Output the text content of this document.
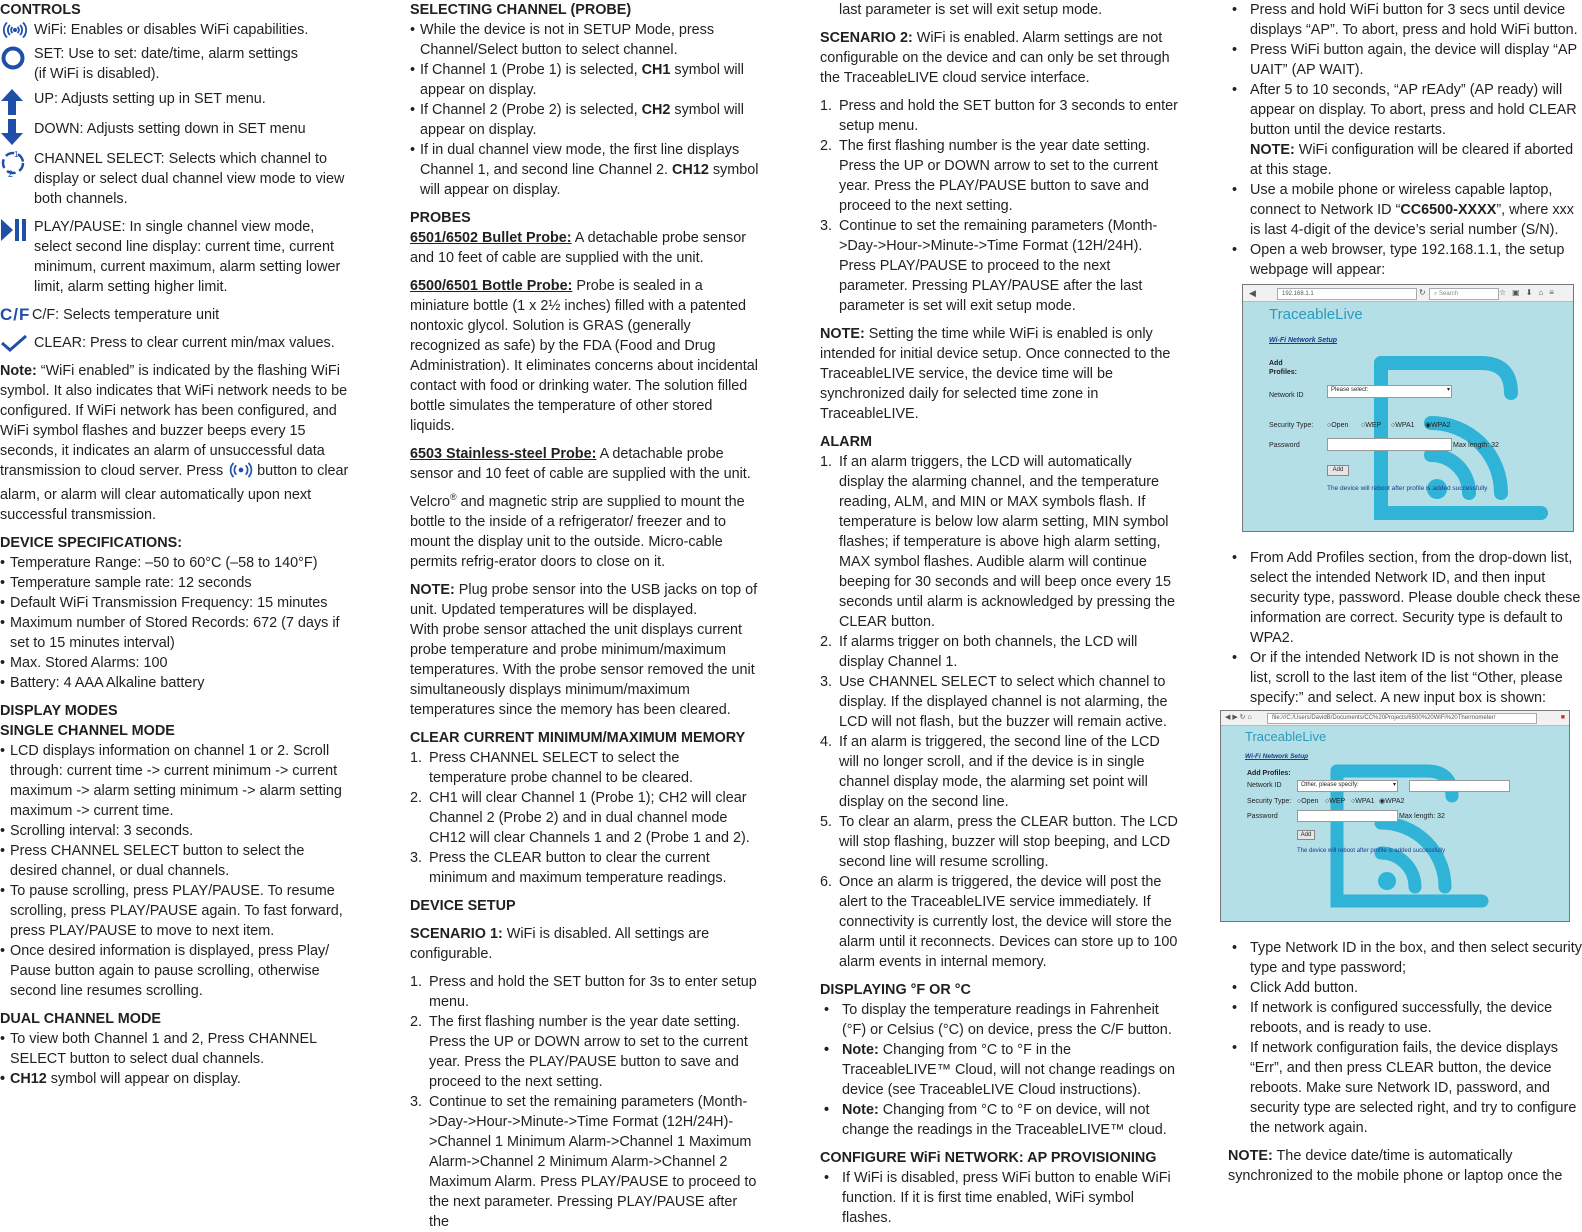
CONTROLS

WiFi: Enables or disables WiFi capabilities.
SET: Use to set: date/time, alarm settings
(if WiFi is disabled).
UP: Adjusts setting up in SET menu.
DOWN: Adjusts setting down in SET menu
2
1 CHANNEL SELECT: Selects which channel to display or select dual channel view mode to view both channels.
PLAY/PAUSE: In single channel view mode, select second line display: current time, current minimum, current maximum, alarm setting lower limit, alarm setting higher limit.
C/F C/F: Selects temperature unit
CLEAR: Press to clear current min/max values.

Note: “WiFi enabled” is indicated by the flashing WiFi symbol. It also indicates that WiFi network needs to be configured. If WiFi network has been configured, and WiFi symbol flashes and buzzer beeps every 15 seconds, it indicates an alarm of unsuccessful data transmission to cloud server. Press button to clear alarm, or alarm will clear automatically upon next successful transmission.

DEVICE SPECIFICATIONS:

• Temperature Range: –50 to 60°C (–58 to 140°F)
• Temperature sample rate: 12 seconds
• Default WiFi Transmission Frequency: 15 minutes
• Maximum number of Stored Records: 672 (7 days if set to 15 minutes interval)
• Max. Stored Alarms: 100
• Battery: 4 AAA Alkaline battery

DISPLAY MODES

SINGLE CHANNEL MODE

• LCD displays information on channel 1 or 2. Scroll through: current time -> current minimum -> current maximum -> alarm setting minimum -> alarm setting maximum -> current time.
• Scrolling interval: 3 seconds.
• Press CHANNEL SELECT button to select the desired channel, or dual channels.
• To pause scrolling, press PLAY/PAUSE. To resume scrolling, press PLAY/PAUSE again. To fast forward, press PLAY/PAUSE to move to next item.
• Once desired information is displayed, press Play/ Pause button again to pause scrolling, otherwise second line resumes scrolling.

DUAL CHANNEL MODE

• To view both Channel 1 and 2, Press CHANNEL SELECT button to select dual channels.
• CH12 symbol will appear on display.

SELECTING CHANNEL (PROBE)

• While the device is not in SETUP Mode, press Channel/Select button to select channel.
• If Channel 1 (Probe 1) is selected, CH1 symbol will appear on display.
• If Channel 2 (Probe 2) is selected, CH2 symbol will appear on display.
• If in dual channel view mode, the first line displays Channel 1, and second line Channel 2. CH12 symbol will appear on display.

PROBES

6501/6502 Bullet Probe: A detachable probe sensor and 10 feet of cable are supplied with the unit.

6500/6501 Bottle Probe: Probe is sealed in a miniature bottle (1 x 2½ inches) filled with a patented nontoxic glycol. Solution is GRAS (generally recognized as safe) by the FDA (Food and Drug Administration). It eliminates concerns about incidental contact with food or drinking water. The solution filled bottle simulates the temperature of other stored liquids.

6503 Stainless-steel Probe: A detachable probe sensor and 10 feet of cable are supplied with the unit.

Velcro® and magnetic strip are supplied to mount the bottle to the inside of a refrigerator/ freezer and to mount the display unit to the outside. Micro-cable permits refrig-erator doors to close on it.

NOTE: Plug probe sensor into the USB jacks on top of unit. Updated temperatures will be displayed.

With probe sensor attached the unit displays current probe temperature and probe minimum/maximum temperatures. With the probe sensor removed the unit simultaneously displays minimum/maximum temperatures since the memory has been cleared.

CLEAR CURRENT MINIMUM/MAXIMUM MEMORY

1. Press CHANNEL SELECT to select the temperature probe channel to be cleared.
2. CH1 will clear Channel 1 (Probe 1); CH2 will clear Channel 2 (Probe 2) and in dual channel mode CH12 will clear Channels 1 and 2 (Probe 1 and 2).
3. Press the CLEAR button to clear the current minimum and maximum temperature readings.

DEVICE SETUP

SCENARIO 1: WiFi is disabled. All settings are configurable.

1. Press and hold the SET button for 3s to enter setup menu.
2. The first flashing number is the year date setting. Press the UP or DOWN arrow to set to the current year. Press the PLAY/PAUSE button to save and proceed to the next setting.
3. Continue to set the remaining parameters (Month->Day->Hour->Minute->Time Format (12H/24H)->Channel 1 Minimum Alarm->Channel 1 Maximum Alarm->Channel 2 Minimum Alarm->Channel 2 Maximum Alarm. Press PLAY/PAUSE to proceed to the next parameter. Pressing PLAY/PAUSE after the

last parameter is set will exit setup mode.

SCENARIO 2: WiFi is enabled. Alarm settings are not configurable on the device and can only be set through the TraceableLIVE cloud service interface.

1. Press and hold the SET button for 3 seconds to enter setup menu.
2. The first flashing number is the year date setting. Press the UP or DOWN arrow to set to the current year. Press the PLAY/PAUSE button to save and proceed to the next setting.
3. Continue to set the remaining parameters (Month->Day->Hour->Minute->Time Format (12H/24H). Press PLAY/PAUSE to proceed to the next parameter. Pressing PLAY/PAUSE after the last parameter is set will exit setup mode.

NOTE: Setting the time while WiFi is enabled is only intended for initial device setup. Once connected to the TraceableLIVE service, the device time will be synchronized daily for selected time zone in TraceableLIVE.

ALARM

1. If an alarm triggers, the LCD will automatically display the alarming channel, and the temperature reading, ALM, and MIN or MAX symbols flash. If temperature is below low alarm setting, MIN symbol flashes; if temperature is above high alarm setting, MAX symbol flashes. Audible alarm will continue beeping for 30 seconds and will beep once every 15 seconds until alarm is acknowledged by pressing the CLEAR button.
2. If alarms trigger on both channels, the LCD will display Channel 1.
3. Use CHANNEL SELECT to select which channel to display. If the displayed channel is not alarming, the LCD will not flash, but the buzzer will remain active.
4. If an alarm is triggered, the second line of the LCD will no longer scroll, and if the device is in single channel display mode, the alarming set point will display on the second line.
5. To clear an alarm, press the CLEAR button. The LCD will stop flashing, buzzer will stop beeping, and LCD second line will resume scrolling.
6. Once an alarm is triggered, the device will post the alert to the TraceableLIVE service immediately. If connectivity is currently lost, the device will store the alarm until it reconnects. Devices can store up to 100 alarm events in internal memory.

DISPLAYING °F OR °C

• To display the temperature readings in Fahrenheit (°F) or Celsius (°C) on device, press the C/F button.
• Note: Changing from °C to °F in the TraceableLIVE™ Cloud, will not change readings on device (see TraceableLIVE Cloud instructions).
• Note: Changing from °C to °F on device, will not change the readings in the TraceableLIVE™ cloud.

CONFIGURE WiFi NETWORK: AP PROVISIONING

• If WiFi is disabled, press WiFi button to enable WiFi function. If it is first time enabled, WiFi symbol flashes.
• Press and hold WiFi button for 3 secs until device displays “AP”. To abort, press and hold WiFi button.
• Press WiFi button again, the device will display “AP UAIT” (AP WAIT).
• After 5 to 10 seconds, “AP rEAdy” (AP ready) will appear on display. To abort, press and hold CLEAR button until the device restarts.
NOTE: WiFi configuration will be cleared if aborted at this stage.
• Use a mobile phone or wireless capable laptop, connect to Network ID “CC6500-XXXX”, where xxx is last 4-digit of the device’s serial number (S/N).
• Open a web browser, type 192.168.1.1, the setup webpage will appear:
◀	192.168.1.1	↻	⌕ Search	☆▣⬇⌂≡
TraceableLive
Wi-Fi Network Setup
Add Profiles:
Network ID
Please select:	▾
Security Type: ○Open ○WEP ○WPA1 ◉WPA2
Password	Max length: 32
Add
The device will reboot after profile is added successfully
• From Add Profiles section, from the drop-down list, select the intended Network ID, and then input security type, password. Please double check these information are correct. Security type is default to WPA2.
• Or if the intended Network ID is not shown in the list, scroll to the last item of the list “Other, please specify:” and select. A new input box is shown:
◀ ▶ ↻ ⌂	file:///C:/Users/DavidB/Documents/CC%20Projects/6500%20WiFi%20Thermometer/	■
TraceableLive
Wi-Fi Network Setup
Add Profiles:
Network ID	Other, please specify:	▾
Security Type: ○Open ○WEP ○WPA1 ◉WPA2
Password	Max length: 32
Add
The device will reboot after profile is added successfully
• Type Network ID in the box, and then select security type and type password;
• Click Add button.
• If network is configured successfully, the device reboots, and is ready to use.
• If network configuration fails, the device displays “Err”, and then press CLEAR button, the device reboots. Make sure Network ID, password, and security type are selected right, and try to configure the network again.

NOTE: The device date/time is automatically synchronized to the mobile phone or laptop once the
